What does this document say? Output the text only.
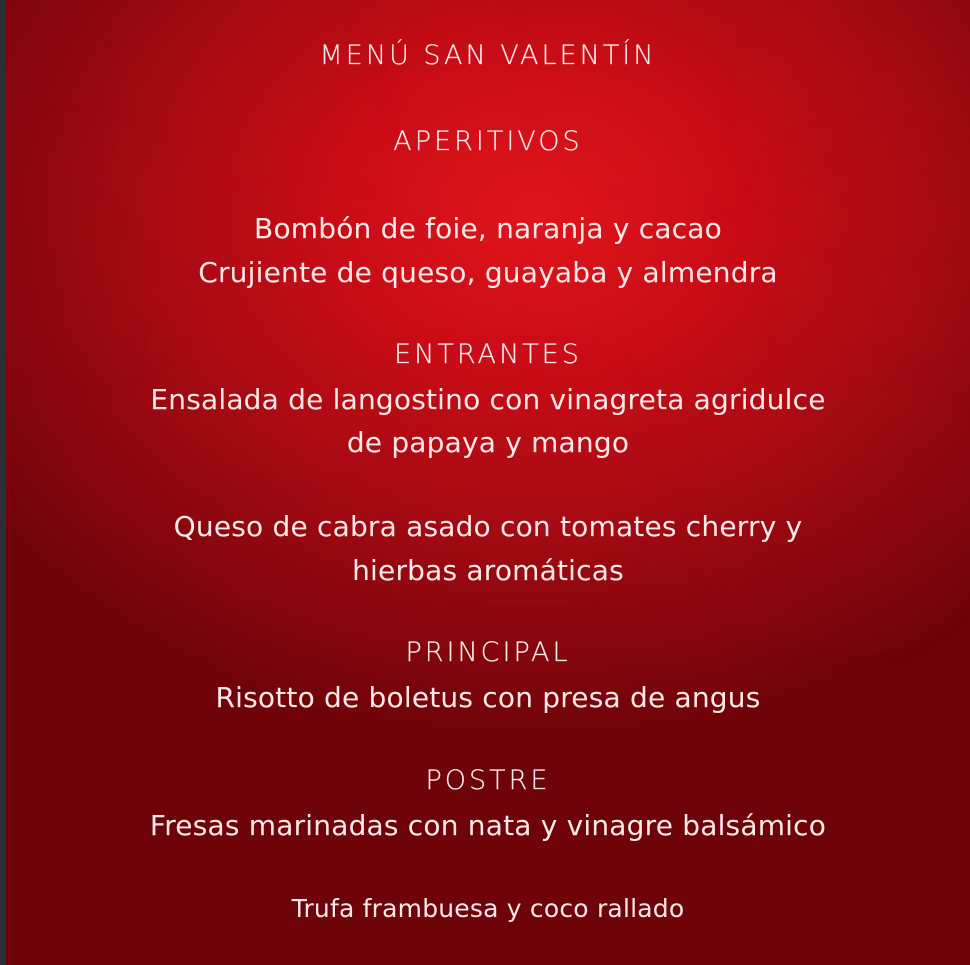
MENÚ SAN VALENTÍN
APERITIVOS
Bombón de foie, naranja y cacao
Crujiente de queso, guayaba y almendra
ENTRANTES
Ensalada de langostino con vinagreta agridulce
de papaya y mango
Queso de cabra asado con tomates cherry y
hierbas aromáticas
PRINCIPAL
Risotto de boletus con presa de angus
POSTRE
Fresas marinadas con nata y vinagre balsámico
Trufa frambuesa y coco rallado
